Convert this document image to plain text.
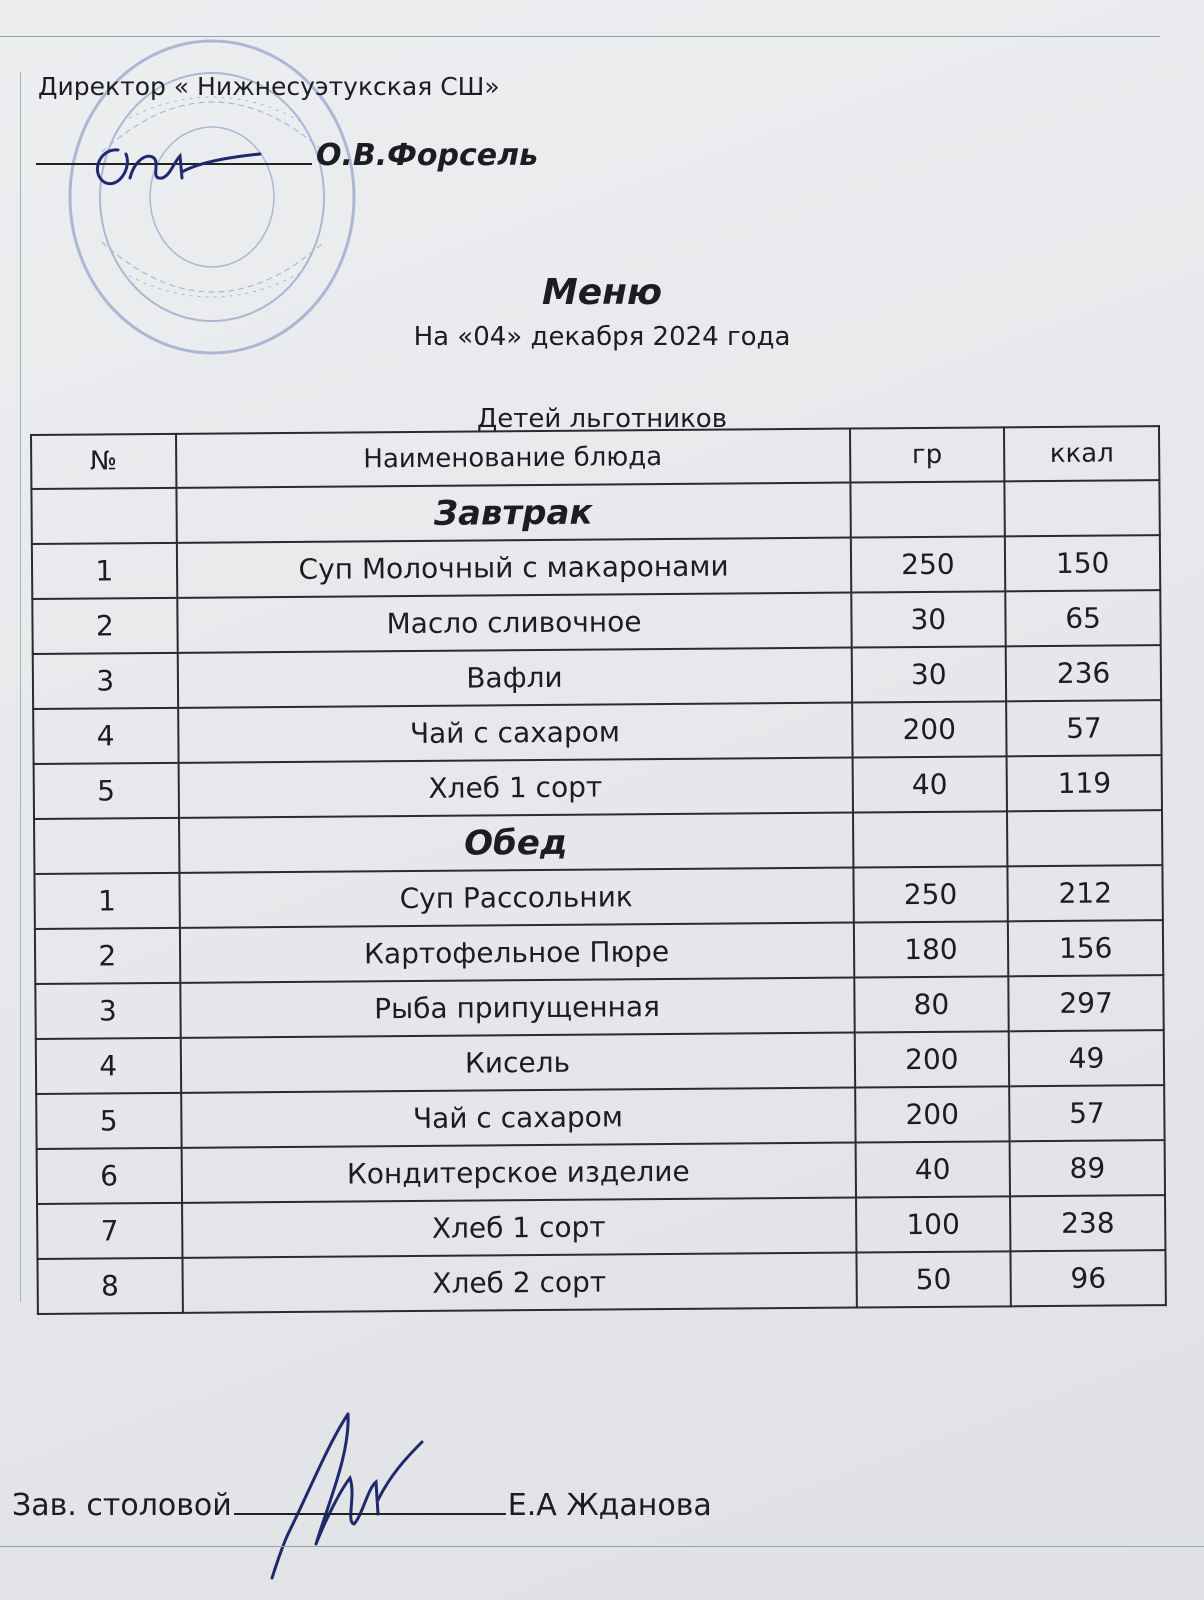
Директор « Нижнесуэтукская СШ»
О.В.Форсель
Меню
На «04» декабря 2024 года
Детей льготников
№	Наименование блюда	гр	ккал
	Завтрак		
1	Суп Молочный с макаронами	250	150
2	Масло сливочное	30	65
3	Вафли	30	236
4	Чай с сахаром	200	57
5	Хлеб 1 сорт	40	119
	Обед		
1	Суп Рассольник	250	212
2	Картофельное Пюре	180	156
3	Рыба припущенная	80	297
4	Кисель	200	49
5	Чай с сахаром	200	57
6	Кондитерское изделие	40	89
7	Хлеб 1 сорт	100	238
8	Хлеб 2 сорт	50	96
Зав. столовой	Е.А Жданова
